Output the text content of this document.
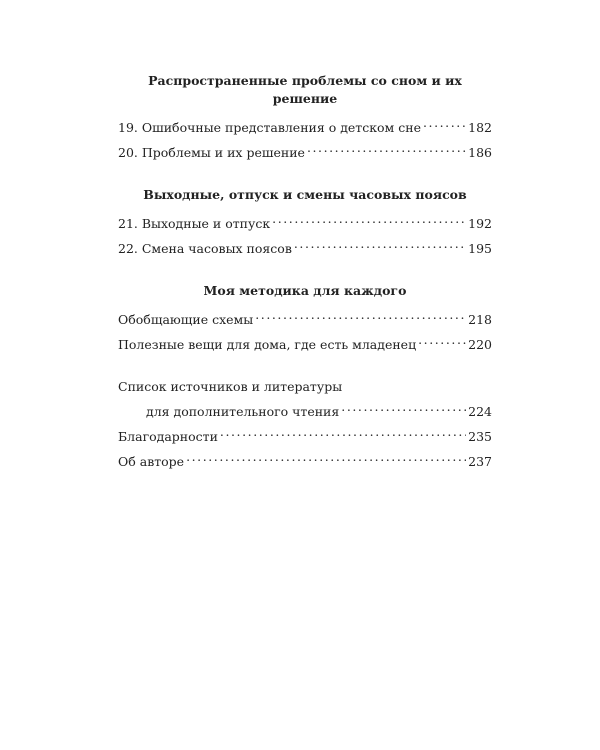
Распространенные проблемы со сном и их решение
19. Ошибочные представления о детском сне . . .	182
20. Проблемы и их решение . . .	186
Выходные, отпуск и смены часовых поясов
21. Выходные и отпуск . . .	192
22. Смена часовых поясов . . .	195
Моя методика для каждого
Обобщающие схемы . . .	218
Полезные вещи для дома, где есть младенец . . .	220
Список источников и литературы
для дополнительного чтения . . .	224
Благодарности . . .	235
Об авторе . . .	237
